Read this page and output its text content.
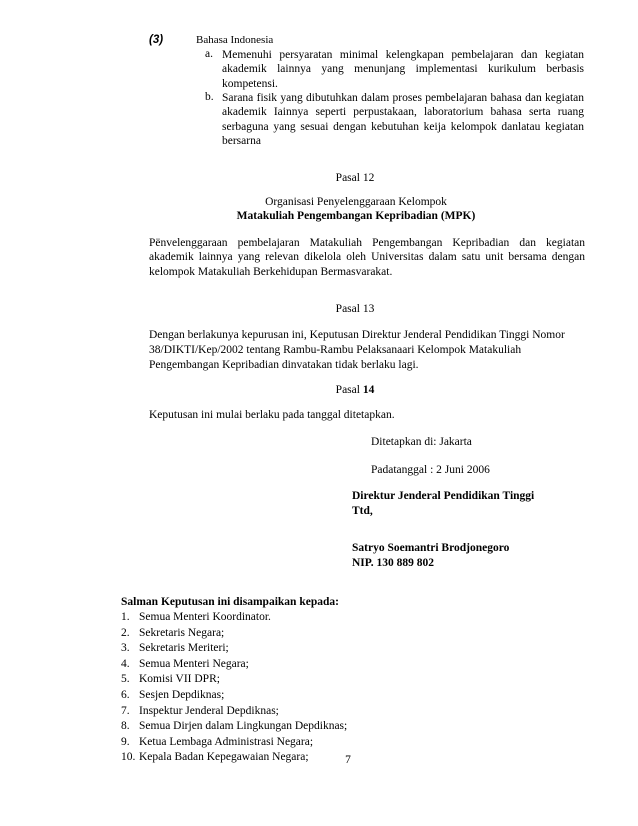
(3)	Bahasa Indonesia
a. Memenuhi persyaratan minimal kelengkapan pembelajaran dan kegiatan akademik lainnya yang menunjang implementasi kurikulum berbasis kompetensi.

b. Sarana fisik yang dibutuhkan dalam proses pembelajaran bahasa dan kegiatan akademik Iainnya seperti perpustakaan, laboratorium bahasa serta ruang serbaguna yang sesuai dengan kebutuhan keija kelompok danlatau kegiatan bersarna

Pasal 12
Organisasi Penyelenggaraan Kelompok
Matakuliah Pengembangan Kepribadian (MPK)

Pënvelenggaraan pembelajaran Matakuliah Pengembangan Kepribadian dan kegiatan akademik lainnya yang relevan dikelola oleh Universitas dalam satu unit bersama dengan kelompok Matakuliah Berkehidupan Bermasvarakat.

Pasal 13
Dengan berlakunya kepurusan ini, Keputusan Direktur Jenderal Pendidikan Tinggi Nomor
38/DIKTI/Kep/2002 tentang Rambu-Rambu Pelaksanaari Kelompok Matakuliah
Pengembangan Kepribadian dinvatakan tidak berlaku lagi.
Pasal 14
Keputusan ini mulai berlaku pada tanggal ditetapkan.
Ditetapkan di: Jakarta
Padatanggal : 2 Juni 2006
Direktur Jenderal Pendidikan Tinggi
Ttd,
Satryo Soemantri Brodjonegoro
NIP. 130 889 802
Salman Keputusan ini disampaikan kepada:
1. Semua Menteri Koordinator.
2. Sekretaris Negara;
3. Sekretaris Meriteri;
4. Semua Menteri Negara;
5. Komisi VII DPR;
6. Sesjen Depdiknas;
7. Inspektur Jenderal Depdiknas;
8. Semua Dirjen dalam Lingkungan Depdiknas;
9. Ketua Lembaga Administrasi Negara;
10. Kepala Badan Kepegawaian Negara;	7
